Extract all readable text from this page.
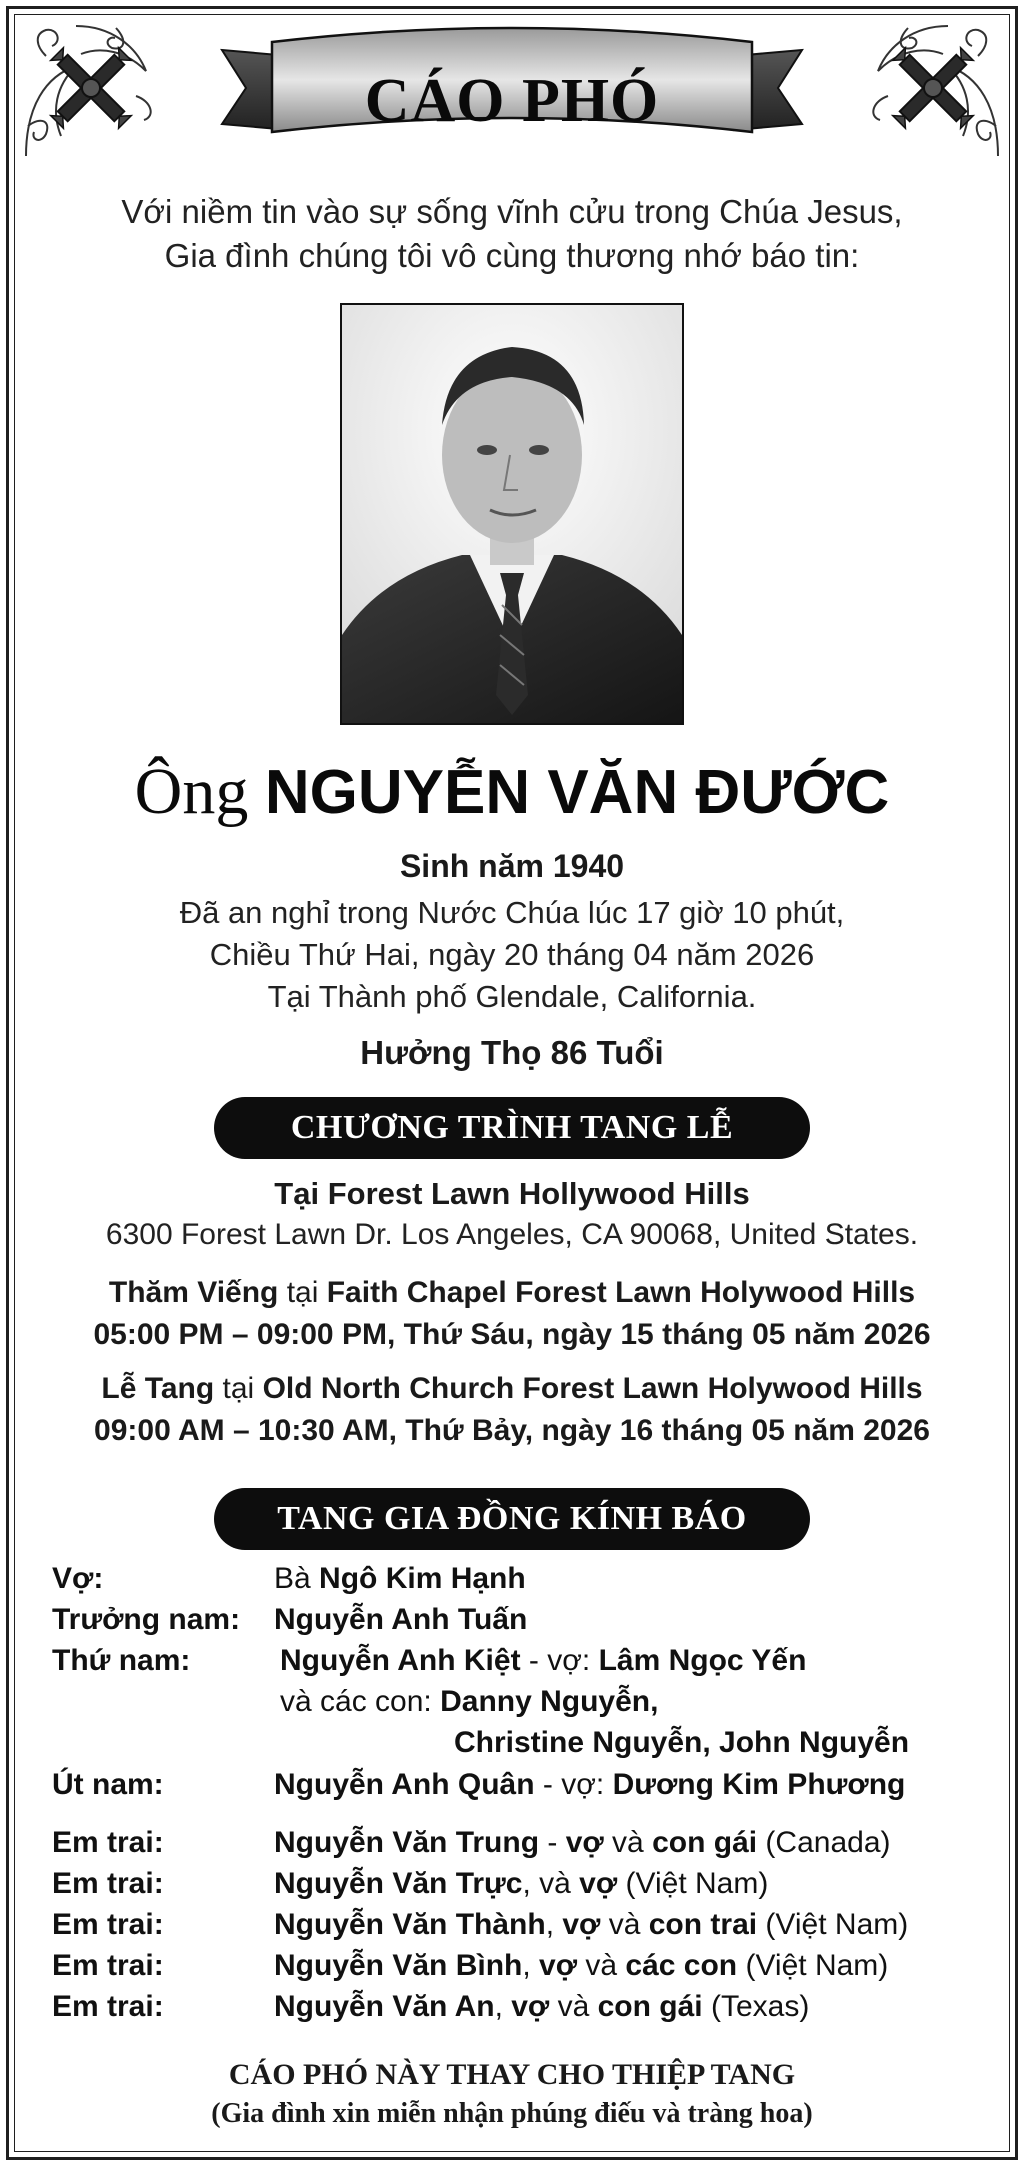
CÁO PHÓ
Với niềm tin vào sự sống vĩnh cửu trong Chúa Jesus,
Gia đình chúng tôi vô cùng thương nhớ báo tin:
Ông NGUYỄN VĂN ĐƯỚC
Sinh năm 1940
Đã an nghỉ trong Nước Chúa lúc 17 giờ 10 phút,
Chiều Thứ Hai, ngày 20 tháng 04 năm 2026
Tại Thành phố Glendale, California.
Hưởng Thọ 86 Tuổi
CHƯƠNG TRÌNH TANG LỄ
Tại Forest Lawn Hollywood Hills
6300 Forest Lawn Dr. Los Angeles, CA 90068, United States.
Thăm Viếng tại Faith Chapel Forest Lawn Holywood Hills
05:00 PM – 09:00 PM, Thứ Sáu, ngày 15 tháng 05 năm 2026
Lễ Tang tại Old North Church Forest Lawn Holywood Hills
09:00 AM – 10:30 AM, Thứ Bảy, ngày 16 tháng 05 năm 2026
TANG GIA ĐỒNG KÍNH BÁO
Vợ:	Bà Ngô Kim Hạnh
Trưởng nam: Nguyễn Anh Tuấn
Thứ nam:	Nguyễn Anh Kiệt - vợ: Lâm Ngọc Yến
và các con: Danny Nguyễn,
Christine Nguyễn, John Nguyễn
Út nam:	Nguyễn Anh Quân - vợ: Dương Kim Phương
Em trai:	Nguyễn Văn Trung - vợ và con gái (Canada)
Em trai:	Nguyễn Văn Trực, và vợ (Việt Nam)
Em trai:	Nguyễn Văn Thành, vợ và con trai (Việt Nam)
Em trai:	Nguyễn Văn Bình, vợ và các con (Việt Nam)
Em trai:	Nguyễn Văn An, vợ và con gái (Texas)
CÁO PHÓ NÀY THAY CHO THIỆP TANG
(Gia đình xin miễn nhận phúng điếu và tràng hoa)
